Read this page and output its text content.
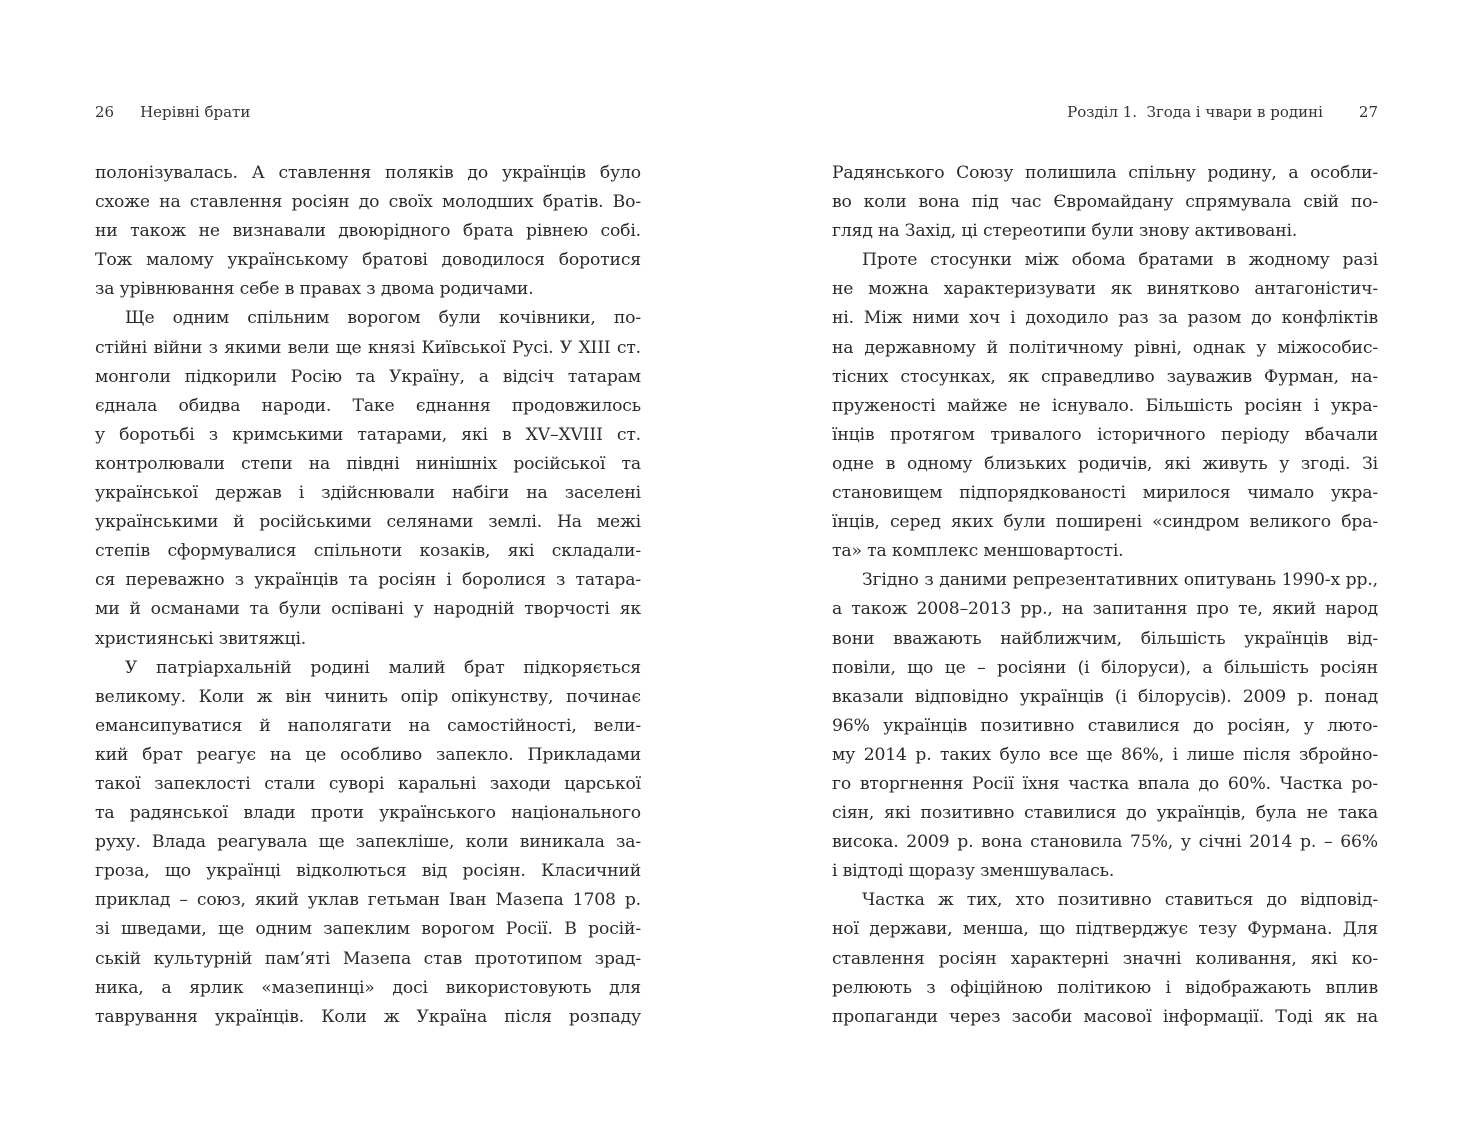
26 Нерівні брати	Розділ 1.  Згода і чвари в родині 27
полонізувалась. А ставлення поляків до українців було
схоже на ставлення росіян до своїх молодших братів. Во-
ни також не визнавали двоюрідного брата рівнею собі.
Тож малому українському братові доводилося боротися
за урівнювання себе в правах з двома родичами.
Ще одним спільним ворогом були кочівники, по-
стійні війни з якими вели ще князі Київської Русі. У XIII ст.
монголи підкорили Росію та Україну, а відсіч татарам
єднала обидва народи. Таке єднання продовжилось
у боротьбі з кримськими татарами, які в XV–XVIII ст.
контролювали степи на півдні нинішніх російської та
української держав і здійснювали набіги на заселені
українськими й російськими селянами землі. На межі
степів сформувалися спільноти козаків, які складали-
ся переважно з українців та росіян і боролися з татара-
ми й османами та були оспівані у народній творчості як
християнські звитяжці.
У патріархальній родині малий брат підкоряється
великому. Коли ж він чинить опір опікунству, починає
емансипуватися й наполягати на самостійності, вели-
кий брат реагує на це особливо запекло. Прикладами
такої запеклості стали суворі каральні заходи царської
та радянської влади проти українського національного
руху. Влада реагувала ще запекліше, коли виникала за-
гроза, що українці відколються від росіян. Класичний
приклад – союз, який уклав гетьман Іван Мазепа 1708 р.
зі шведами, ще одним запеклим ворогом Росії. В росій-
ській культурній пам’яті Мазепа став прототипом зрад-
ника, а ярлик «мазепинці» досі використовують для
таврування українців. Коли ж Україна після розпаду
Радянського Союзу полишила спільну родину, а особли-
во коли вона під час Євромайдану спрямувала свій по-
гляд на Захід, ці стереотипи були знову активовані.
Проте стосунки між обома братами в жодному разі
не можна характеризувати як винятково антагоністич-
ні. Між ними хоч і доходило раз за разом до конфліктів
на державному й політичному рівні, однак у міжособис-
тісних стосунках, як справедливо зауважив Фурман, на-
пруженості майже не існувало. Більшість росіян і укра-
їнців протягом тривалого історичного періоду вбачали
одне в одному близьких родичів, які живуть у згоді. Зі
становищем підпорядкованості мирилося чимало укра-
їнців, серед яких були поширені «синдром великого бра-
та» та комплекс меншовартості.
Згідно з даними репрезентативних опитувань 1990-х рр.,
а також 2008–2013 рр., на запитання про те, який народ
вони вважають найближчим, більшість українців від-
повіли, що це – росіяни (і білоруси), а більшість росіян
вказали відповідно українців (і білорусів). 2009 р. понад
96% українців позитивно ставилися до росіян, у люто-
му 2014 р. таких було все ще 86%, і лише після збройно-
го вторгнення Росії їхня частка впала до 60%. Частка ро-
сіян, які позитивно ставилися до українців, була не така
висока. 2009 р. вона становила 75%, у січні 2014 р. – 66%
і відтоді щоразу зменшувалась.
Частка ж тих, хто позитивно ставиться до відповід-
ної держави, менша, що підтверджує тезу Фурмана. Для
ставлення росіян характерні значні коливання, які ко-
релюють з офіційною політикою і відображають вплив
пропаганди через засоби масової інформації. Тоді як на
